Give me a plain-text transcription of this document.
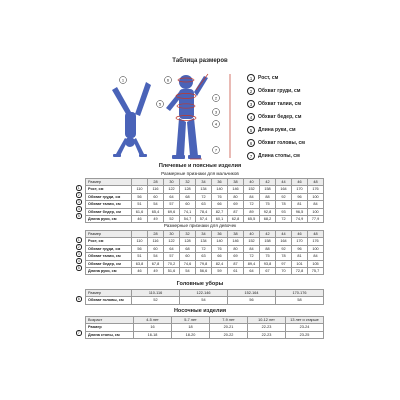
Таблица размеров
1	6
2
3
4
5
7
1	Рост, см
2	Обхват груди, см
3	Обхват талии, см
4	Обхват бедер, см
5	Длина руки, см
6	Обхват головы, см
7	Длина стопы, см
Плечевые и поясные изделия
Размерные признаки для мальчиков
Размер		28	30	32	34	36	38	40	42	44	46	48
Рост, см	110	116	122	128	134	140	146	152	158	164	170	176
Обхват груди, см	56	60	64	68	72	76	80	84	88	92	96	100
Обхват талии, см	51	54	57	60	63	66	69	72	75	78	81	84
Обхват бедер, см	61,6	65,4	69,6	74,1	78,4	82,7	87	89	92,8	93	96,5	100
Длина руки, см	46	49	52	54,7	57,4	60,1	62,8	65,5	68,2	72	74,9	77,9
1
2
3
4
5
Размерные признаки для девочек
Размер		28	30	32	34	36	38	40	42	44	46	48
Рост, см	110	116	122	128	134	140	146	152	158	164	170	176
Обхват груди, см	56	60	64	68	72	76	80	84	88	92	96	100
Обхват талии, см	51	54	57	60	63	66	69	72	75	78	81	84
Обхват бедер, см	63,8	67,8	70,2	74,6	79,8	82,4	87	89,4	93,8	97	101	105
Длина руки, см	46	49	51,6	54	56,6	59	61	64	67	70	72,8	75,7
1
2
3
4
5
Головные уборы
Размер	110-116	122-146	152-164	170-176
Обхват головы, см	52	54	56	58
6
Носочные изделия
Возраст	4-5 лет	5-7 лет	7-9 лет	10-12 лет	13 лет и старше
Размер	16	18	20-21	22-23	23-24
Длина стопы, см	16-18	18-20	20-22	22-23	23-25
7
